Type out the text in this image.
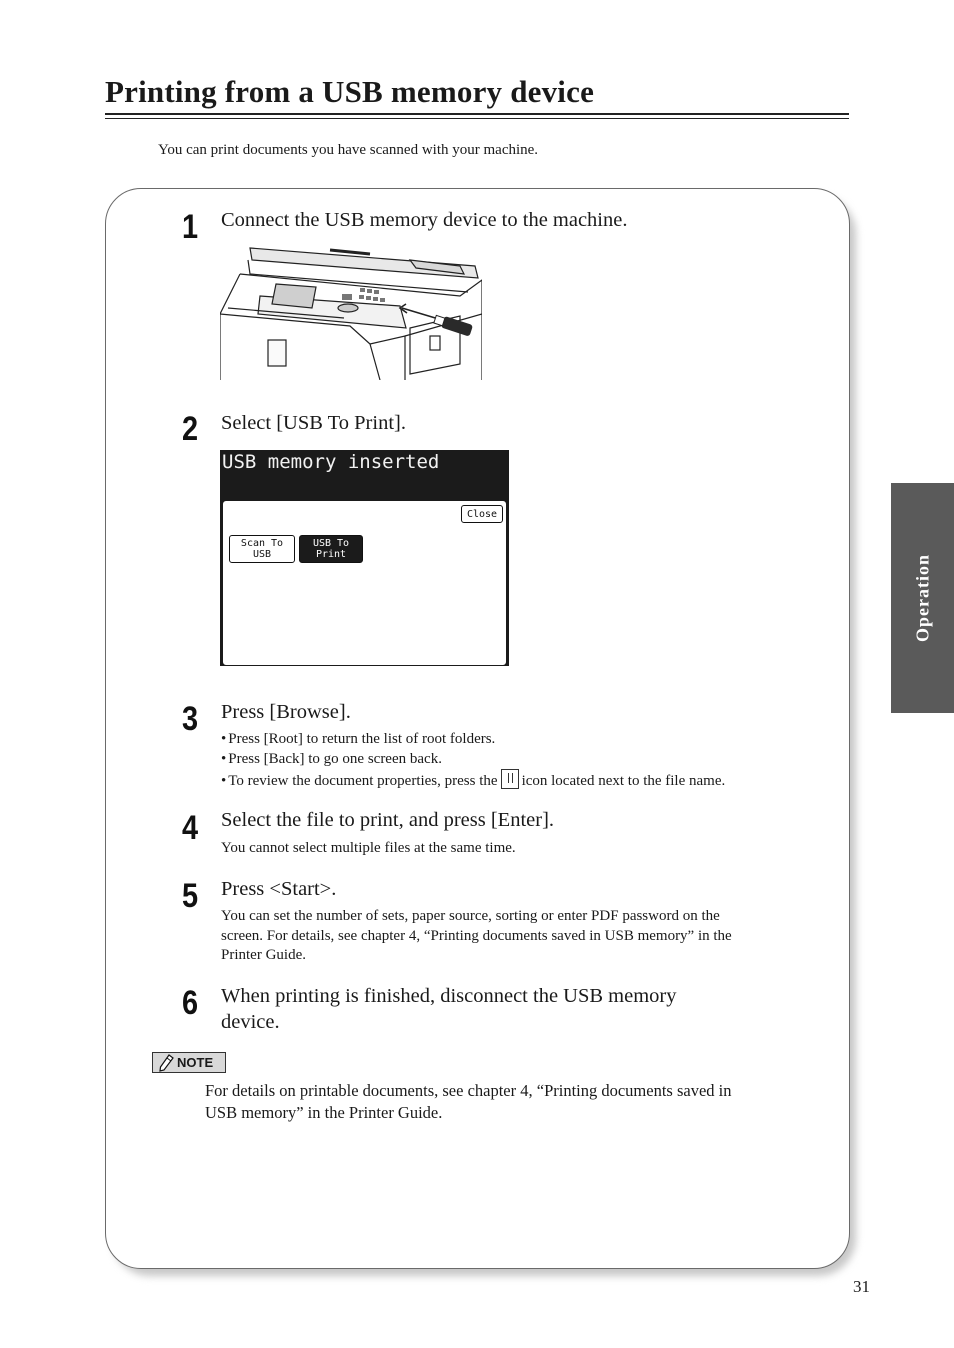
Printing from a USB memory device
You can print documents you have scanned with your machine.
1	Connect the USB memory device to the machine.
2	Select [USB To Print].
USB memory inserted
Close
Scan To
USB
USB To
Print
3	Press [Browse].
• Press [Root] to return the list of root folders.
• Press [Back] to go one screen back.
• To review the document properties, press the icon located next to the file name.
4	Select the file to print, and press [Enter].
You cannot select multiple files at the same time.
5	Press <Start>.
You can set the number of sets, paper source, sorting or enter PDF password on the
screen. For details, see chapter 4, “Printing documents saved in USB memory” in the
Printer Guide.
6	When printing is finished, disconnect the USB memory
device.
NOTE
For details on printable documents, see chapter 4, “Printing documents saved in
USB memory” in the Printer Guide.
Operation
31
